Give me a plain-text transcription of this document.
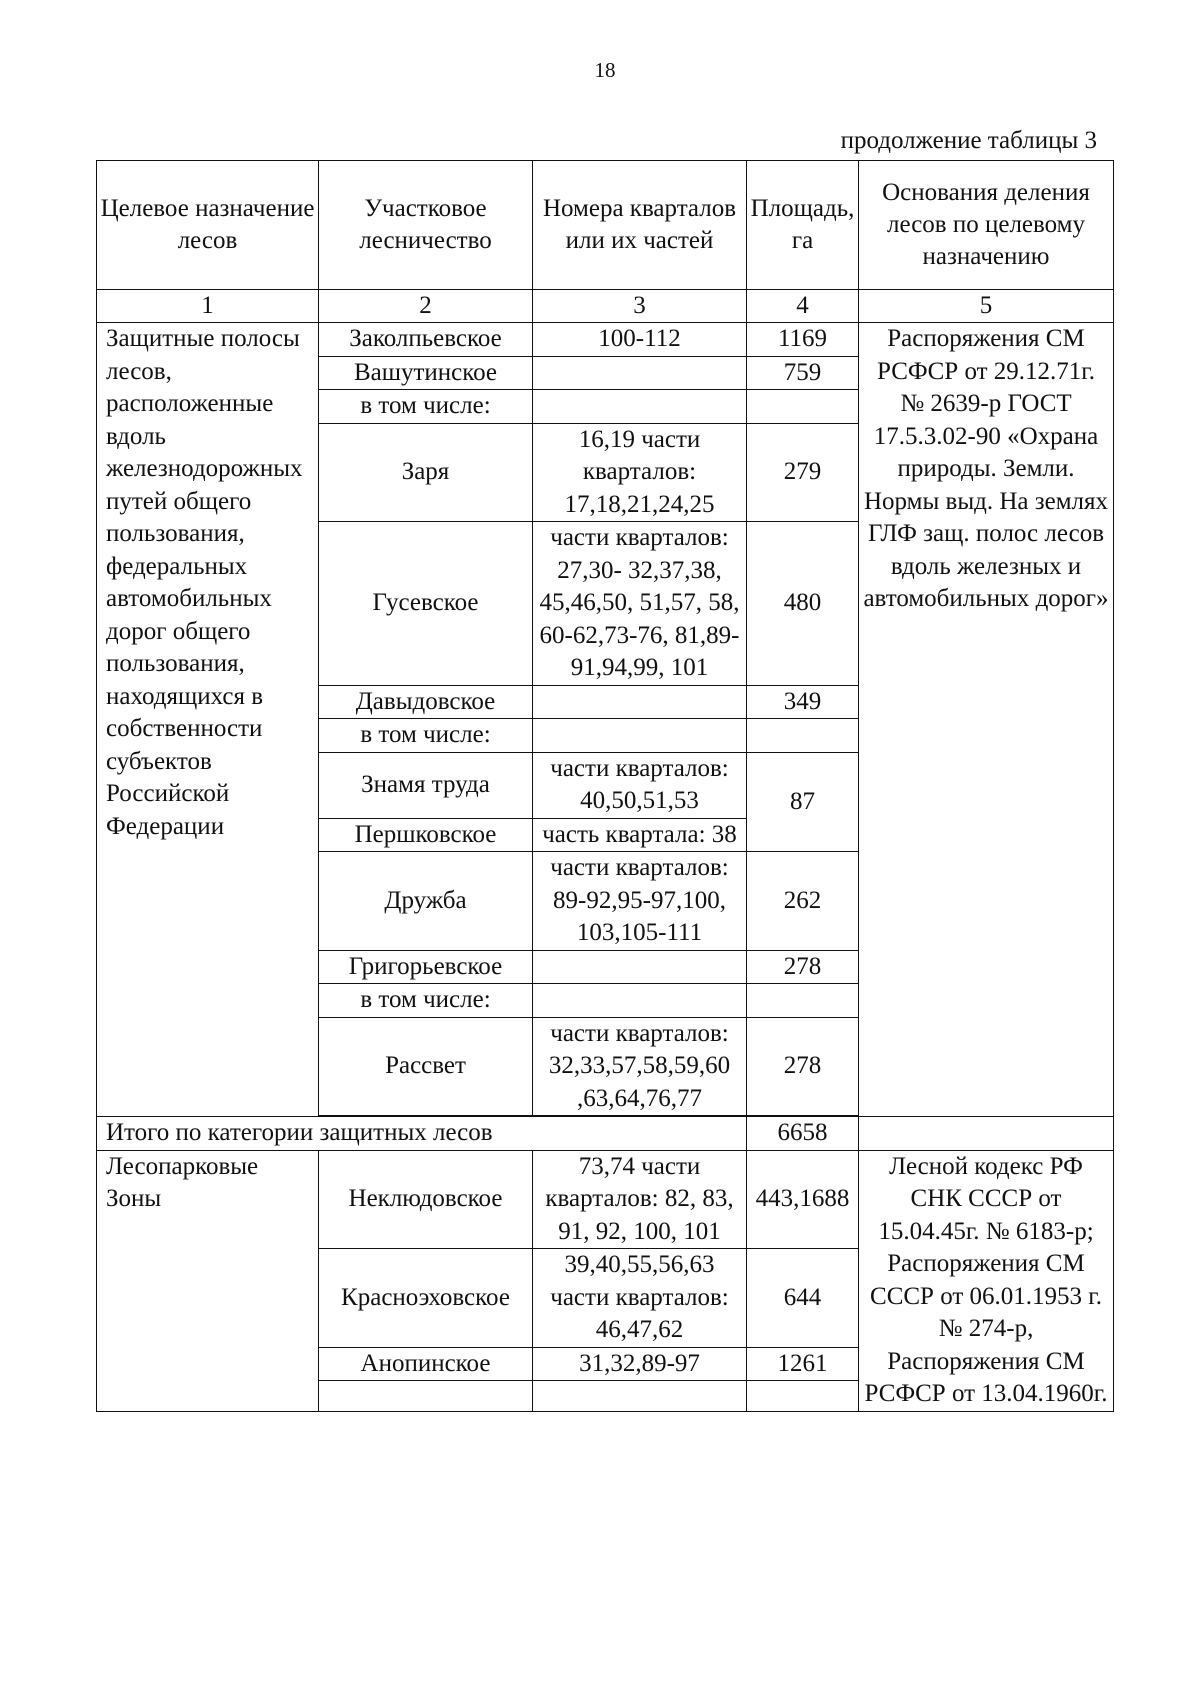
18
продолжение таблицы 3
Целевое назначение лесов	Участковое лесничество	Номера кварталов или их частей	Площадь, га	Основания деления лесов по целевому назначению
1	2	3	4	5
Защитные полосы лесов, расположенные вдоль железнодорожных путей общего пользования, федеральных автомобильных дорог общего пользования, находящихся в собственности субъектов Российской Федерации	Заколпьевское	100-112	1169	Распоряжения СМ РСФСР от 29.12.71г. № 2639-р ГОСТ 17.5.3.02-90 «Охрана природы. Земли. Нормы выд. На землях ГЛФ защ. полос лесов вдоль железных и автомобильных дорог»
	Вашутинское		759	
	в том числе:			
	Заря	16,19 части кварталов: 17,18,21,24,25	279	
	Гусевское	части кварталов: 27,30- 32,37,38, 45,46,50, 51,57, 58, 60-62,73-76, 81,89-91,94,99, 101	480	
	Давыдовское		349	
	в том числе:			
	Знамя труда	части кварталов: 40,50,51,53	87	
	Першковское	часть квартала: 38		
	Дружба	части кварталов: 89-92,95-97,100, 103,105-111	262	
	Григорьевское		278	
	в том числе:			
	Рассвет	части кварталов: 32,33,57,58,59,60 ,63,64,76,77	278	

Итого по категории защитных лесов			6658	
Лесопарковые Зоны	Неклюдовское	73,74 части кварталов: 82, 83, 91, 92, 100, 101	443,1688	Лесной кодекс РФ СНК СССР от 15.04.45г. № 6183-р; Распоряжения СМ СССР от 06.01.1953 г. № 274-р, Распоряжения СМ РСФСР от 13.04.1960г.
	Красноэховское	39,40,55,56,63 части кварталов: 46,47,62	644	
	Анопинское	31,32,89-97	1261	
